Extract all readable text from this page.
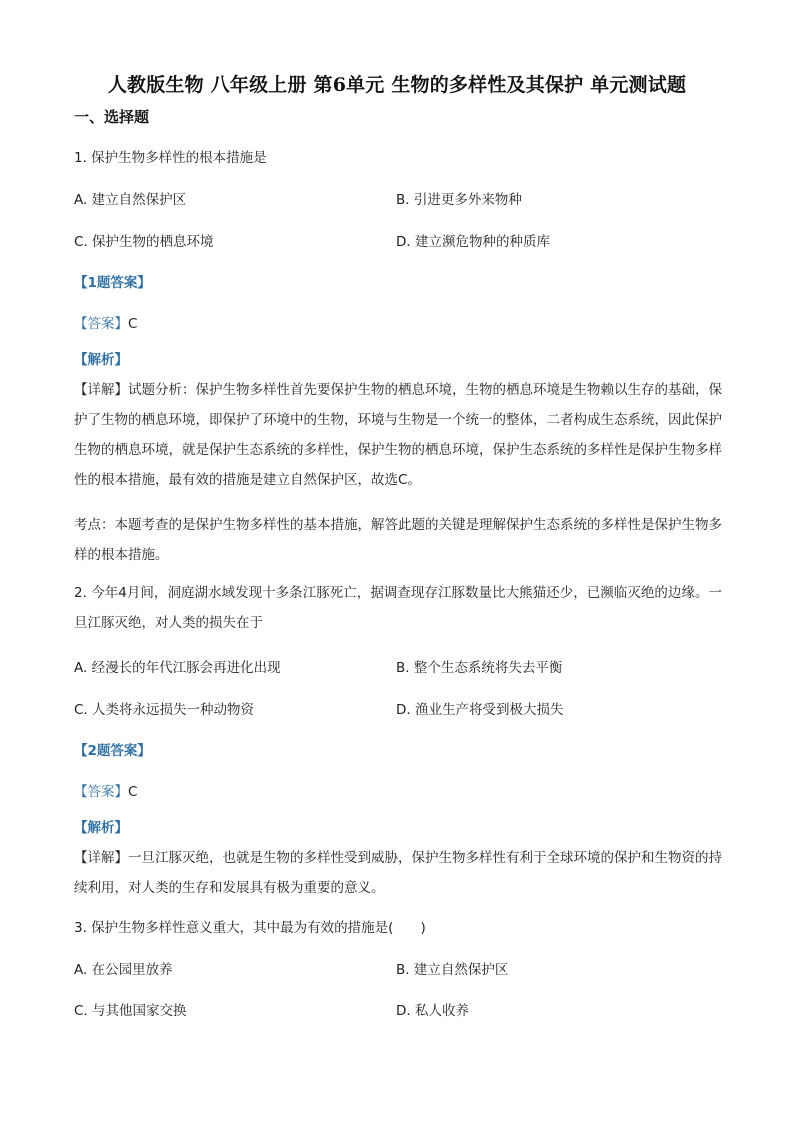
人教版生物 八年级上册 第6单元 生物的多样性及其保护 单元测试题
一、选择题
1. 保护生物多样性的根本措施是
A. 建立自然保护区	B. 引进更多外来物种
C. 保护生物的栖息环境	D. 建立濒危物种的种质库
【1题答案】
【答案】C
【解析】
【详解】试题分析：保护生物多样性首先要保护生物的栖息环境，生物的栖息环境是生物赖以生存的基础，保护了生物的栖息环境，即保护了环境中的生物，环境与生物是一个统一的整体，二者构成生态系统，因此保护生物的栖息环境，就是保护生态系统的多样性，保护生物的栖息环境，保护生态系统的多样性是保护生物多样性的根本措施，最有效的措施是建立自然保护区，故选C。
考点：本题考查的是保护生物多样性的基本措施，解答此题的关键是理解保护生态系统的多样性是保护生物多样的根本措施。
2. 今年4月间，洞庭湖水域发现十多条江豚死亡，据调查现存江豚数量比大熊猫还少，已濒临灭绝的边缘。一旦江豚灭绝，对人类的损失在于
A. 经漫长的年代江豚会再进化出现	B. 整个生态系统将失去平衡
C. 人类将永远损失一种动物资	D. 渔业生产将受到极大损失
【2题答案】
【答案】C
【解析】
【详解】一旦江豚灭绝，也就是生物的多样性受到威胁，保护生物多样性有利于全球环境的保护和生物资的持续利用，对人类的生存和发展具有极为重要的意义。
3. 保护生物多样性意义重大，其中最为有效的措施是(　　)
A. 在公园里放养	B. 建立自然保护区
C. 与其他国家交换	D. 私人收养
